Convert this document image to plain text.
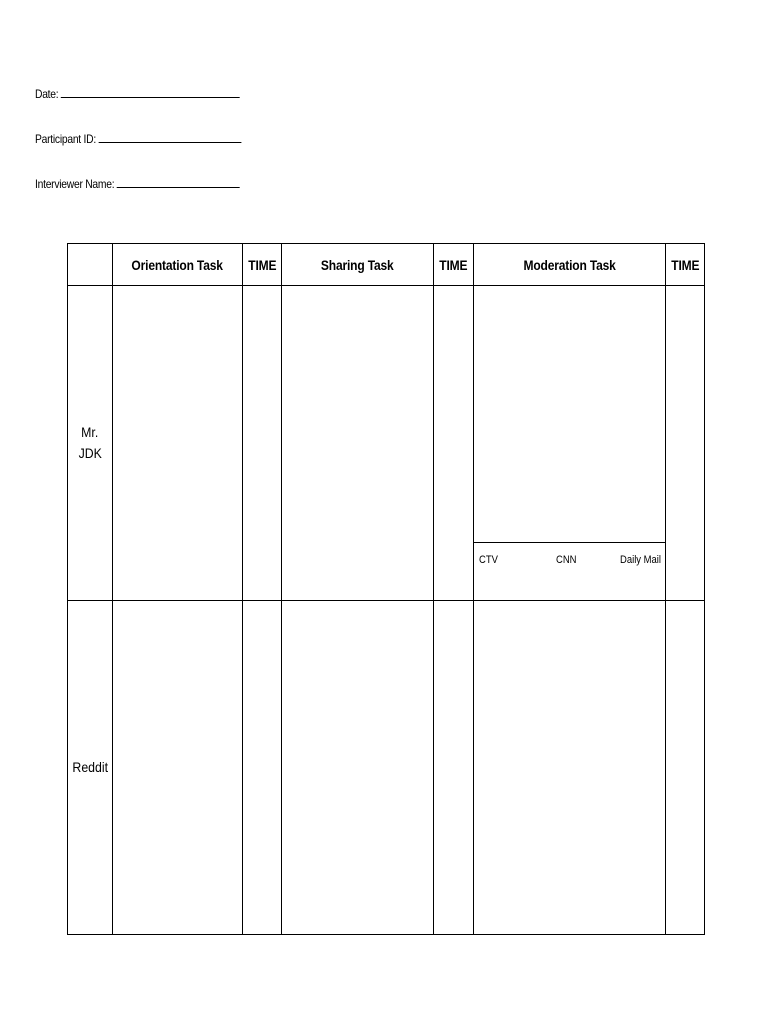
Date:
Participant ID:
Interviewer Name:
	Orientation Task	TIME	Sharing Task	TIME	Moderation Task	TIME
Mr.
JDK					CTV CNN Daily Mail	

Reddit						
